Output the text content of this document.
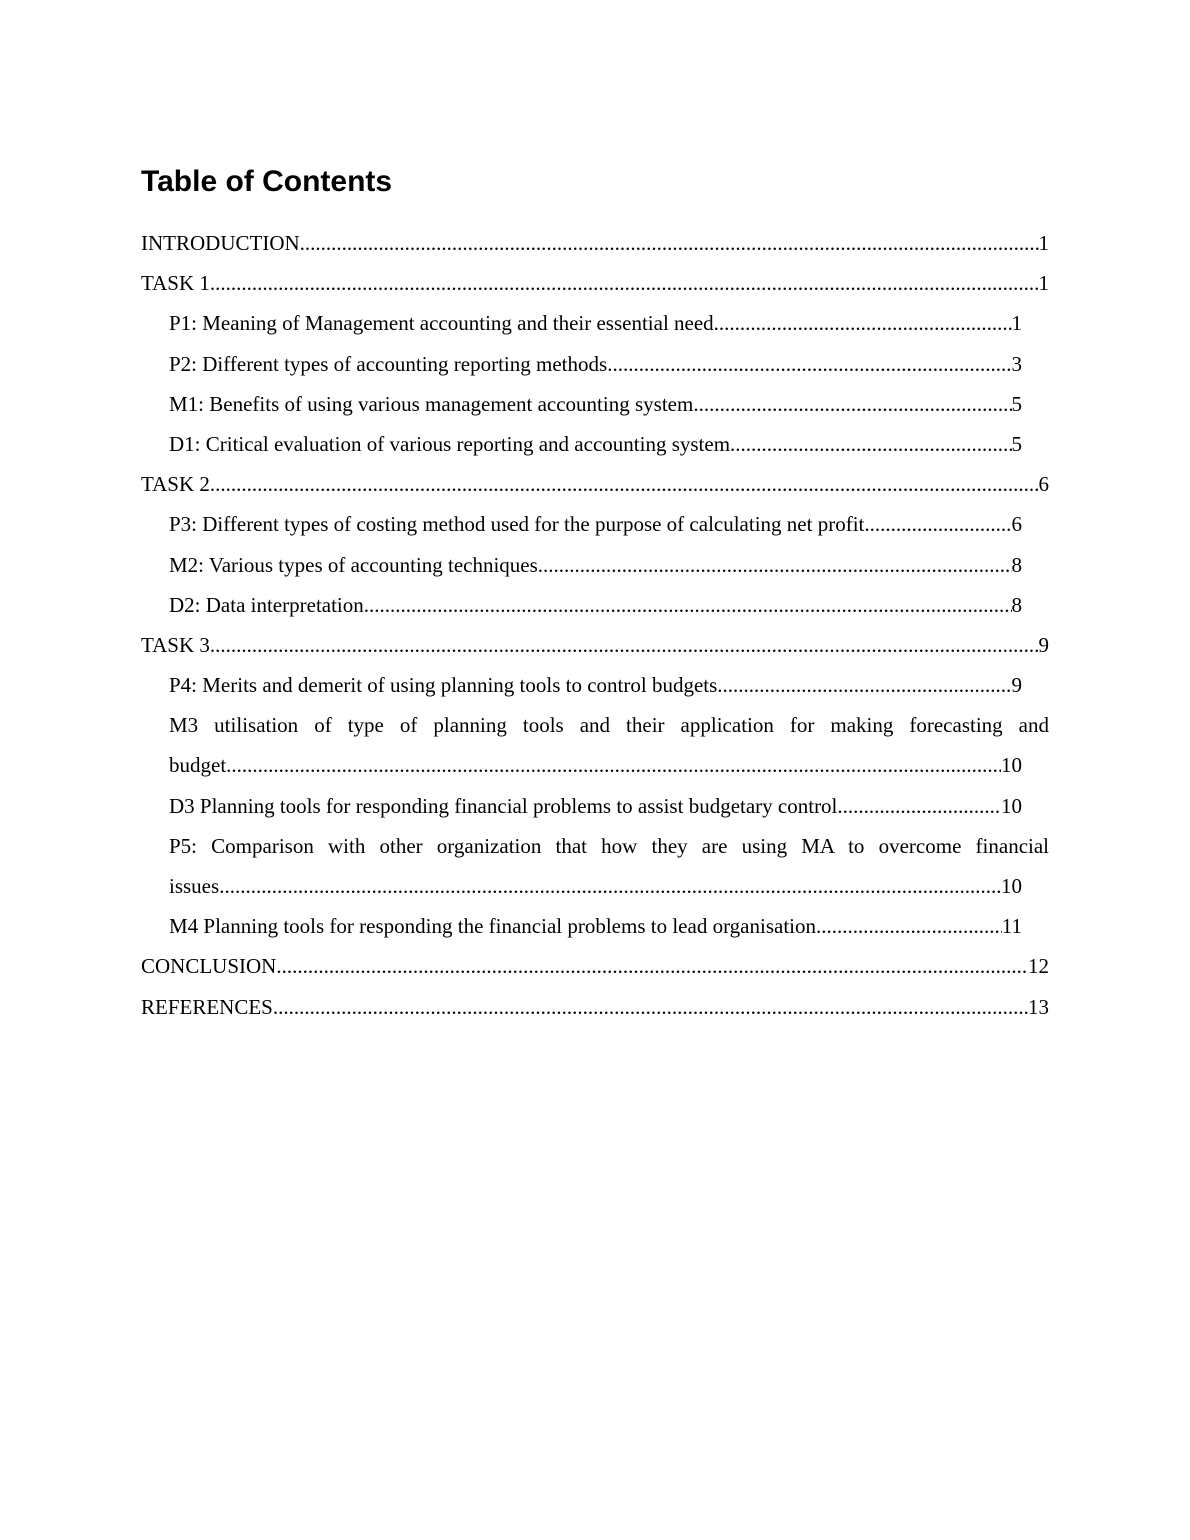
Table of Contents
INTRODUCTION .....	1
TASK 1 .....	1
P1: Meaning of Management accounting and their essential need .....	1
P2: Different types of accounting reporting methods .....	3
M1: Benefits of using various management accounting system .....	5
D1: Critical evaluation of various reporting and accounting system .....	5
TASK 2 .....	6
P3: Different types of costing method used for the purpose of calculating net profit .....	6
M2: Various types of accounting techniques .....	8
D2: Data interpretation .....	8
TASK 3 .....	9
P4: Merits and demerit of using planning tools to control budgets .....	9
M3 utilisation of type of planning tools and their application for making forecasting and
budget .....	10
D3 Planning tools for responding financial problems to assist budgetary control .....	10
P5: Comparison with other organization that how they are using MA to overcome financial
issues .....	10
M4 Planning tools for responding the financial problems to lead organisation .....	11
CONCLUSION .....	12
REFERENCES .....	13
